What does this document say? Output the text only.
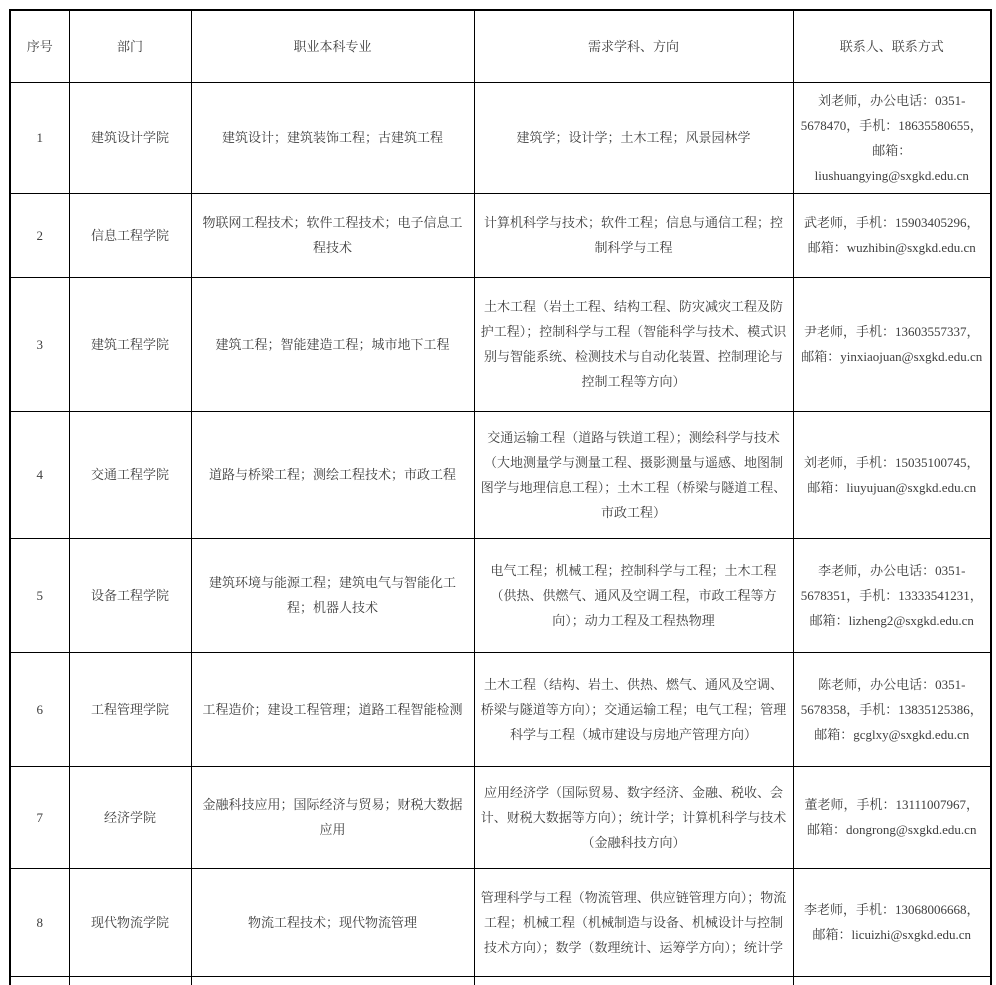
序号	部门	职业本科专业	需求学科、方向	联系人、联系方式
1	建筑设计学院	建筑设计；建筑装饰工程；古建筑工程	建筑学；设计学；土木工程；风景园林学	刘老师，办公电话：0351-5678470，手机：18635580655，邮箱：liushuangying@sxgkd.edu.cn
2	信息工程学院	物联网工程技术；软件工程技术；电子信息工程技术	计算机科学与技术；软件工程；信息与通信工程；控制科学与工程	武老师，手机：15903405296，邮箱：wuzhibin@sxgkd.edu.cn
3	建筑工程学院	建筑工程；智能建造工程；城市地下工程	土木工程（岩土工程、结构工程、防灾减灾工程及防护工程）；控制科学与工程（智能科学与技术、模式识别与智能系统、检测技术与自动化装置、控制理论与控制工程等方向）	尹老师，手机：13603557337，邮箱：yinxiaojuan@sxgkd.edu.cn
4	交通工程学院	道路与桥梁工程；测绘工程技术；市政工程	交通运输工程（道路与铁道工程）；测绘科学与技术（大地测量学与测量工程、摄影测量与遥感、地图制图学与地理信息工程）；土木工程（桥梁与隧道工程、市政工程）	刘老师，手机：15035100745，邮箱：liuyujuan@sxgkd.edu.cn
5	设备工程学院	建筑环境与能源工程；建筑电气与智能化工程；机器人技术	电气工程；机械工程；控制科学与工程；土木工程（供热、供燃气、通风及空调工程，市政工程等方向）；动力工程及工程热物理	李老师，办公电话：0351-5678351，手机：13333541231，邮箱：lizheng2@sxgkd.edu.cn
6	工程管理学院	工程造价；建设工程管理；道路工程智能检测	土木工程（结构、岩土、供热、燃气、通风及空调、桥梁与隧道等方向）；交通运输工程；电气工程；管理科学与工程（城市建设与房地产管理方向）	陈老师，办公电话：0351-5678358，手机：13835125386，邮箱：gcglxy@sxgkd.edu.cn
7	经济学院	金融科技应用；国际经济与贸易；财税大数据应用	应用经济学（国际贸易、数字经济、金融、税收、会计、财税大数据等方向）；统计学；计算机科学与技术（金融科技方向）	董老师，手机：13111007967，邮箱：dongrong@sxgkd.edu.cn
8	现代物流学院	物流工程技术；现代物流管理	管理科学与工程（物流管理、供应链管理方向）；物流工程；机械工程（机械制造与设备、机械设计与控制技术方向）；数学（数理统计、运筹学方向）；统计学	李老师，手机：13068006668，邮箱：licuizhi@sxgkd.edu.cn
